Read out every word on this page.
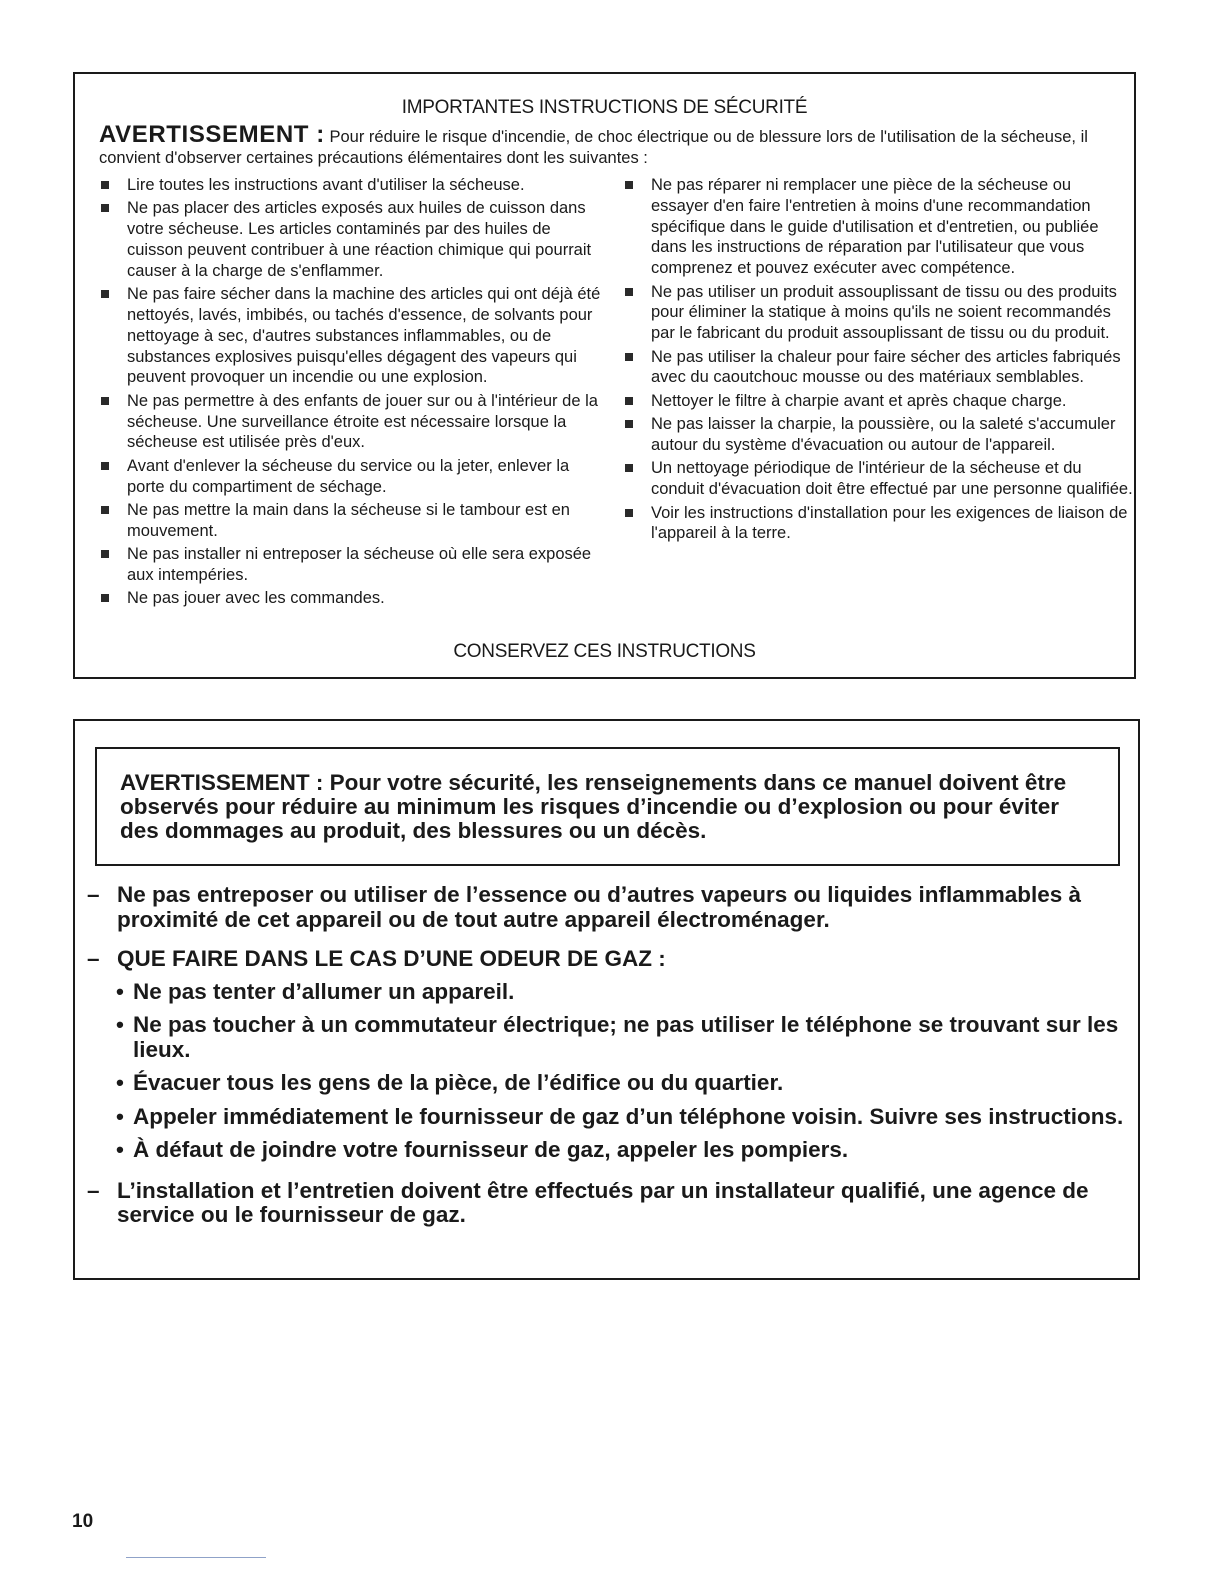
IMPORTANTES INSTRUCTIONS DE SÉCURITÉ
AVERTISSEMENT : Pour réduire le risque d'incendie, de choc électrique ou de blessure lors de l'utilisation de la sécheuse, il convient d'observer certaines précautions élémentaires dont les suivantes :
Lire toutes les instructions avant d'utiliser la sécheuse.
Ne pas placer des articles exposés aux huiles de cuisson dans votre sécheuse. Les articles contaminés par des huiles de cuisson peuvent contribuer à une réaction chimique qui pourrait causer à la charge de s'enflammer.
Ne pas faire sécher dans la machine des articles qui ont déjà été nettoyés, lavés, imbibés, ou tachés d'essence, de solvants pour nettoyage à sec, d'autres substances inflammables, ou de substances explosives puisqu'elles dégagent des vapeurs qui peuvent provoquer un incendie ou une explosion.
Ne pas permettre à des enfants de jouer sur ou à l'intérieur de la sécheuse. Une surveillance étroite est nécessaire lorsque la sécheuse est utilisée près d'eux.
Avant d'enlever la sécheuse du service ou la jeter, enlever la porte du compartiment de séchage.
Ne pas mettre la main dans la sécheuse si le tambour est en mouvement.
Ne pas installer ni entreposer la sécheuse où elle sera exposée aux intempéries.
Ne pas jouer avec les commandes.
Ne pas réparer ni remplacer une pièce de la sécheuse ou essayer d'en faire l'entretien à moins d'une recommandation spécifique dans le guide d'utilisation et d'entretien, ou publiée dans les instructions de réparation par l'utilisateur que vous comprenez et pouvez exécuter avec compétence.
Ne pas utiliser un produit assouplissant de tissu ou des produits pour éliminer la statique à moins qu'ils ne soient recommandés par le fabricant du produit assouplissant de tissu ou du produit.
Ne pas utiliser la chaleur pour faire sécher des articles fabriqués avec du caoutchouc mousse ou des matériaux semblables.
Nettoyer le filtre à charpie avant et après chaque charge.
Ne pas laisser la charpie, la poussière, ou la saleté s'accumuler autour du système d'évacuation ou autour de l'appareil.
Un nettoyage périodique de l'intérieur de la sécheuse et du conduit d'évacuation doit être effectué par une personne qualifiée.
Voir les instructions d'installation pour les exigences de liaison de l'appareil à la terre.
CONSERVEZ CES INSTRUCTIONS
AVERTISSEMENT : Pour votre sécurité, les renseignements dans ce manuel doivent être observés pour réduire au minimum les risques d’incendie ou d’explosion ou pour éviter des dommages au produit, des blessures ou un décès.
– Ne pas entreposer ou utiliser de l’essence ou d’autres vapeurs ou liquides inflammables à proximité de cet appareil ou de tout autre appareil électroménager.
– QUE FAIRE DANS LE CAS D’UNE ODEUR DE GAZ :
• Ne pas tenter d’allumer un appareil.
• Ne pas toucher à un commutateur électrique; ne pas utiliser le téléphone se trouvant sur les lieux.
• Évacuer tous les gens de la pièce, de l’édifice ou du quartier.
• Appeler immédiatement le fournisseur de gaz d’un téléphone voisin. Suivre ses instructions.
• À défaut de joindre votre fournisseur de gaz, appeler les pompiers.
– L’installation et l’entretien doivent être effectués par un installateur qualifié, une agence de service ou le fournisseur de gaz.
10
